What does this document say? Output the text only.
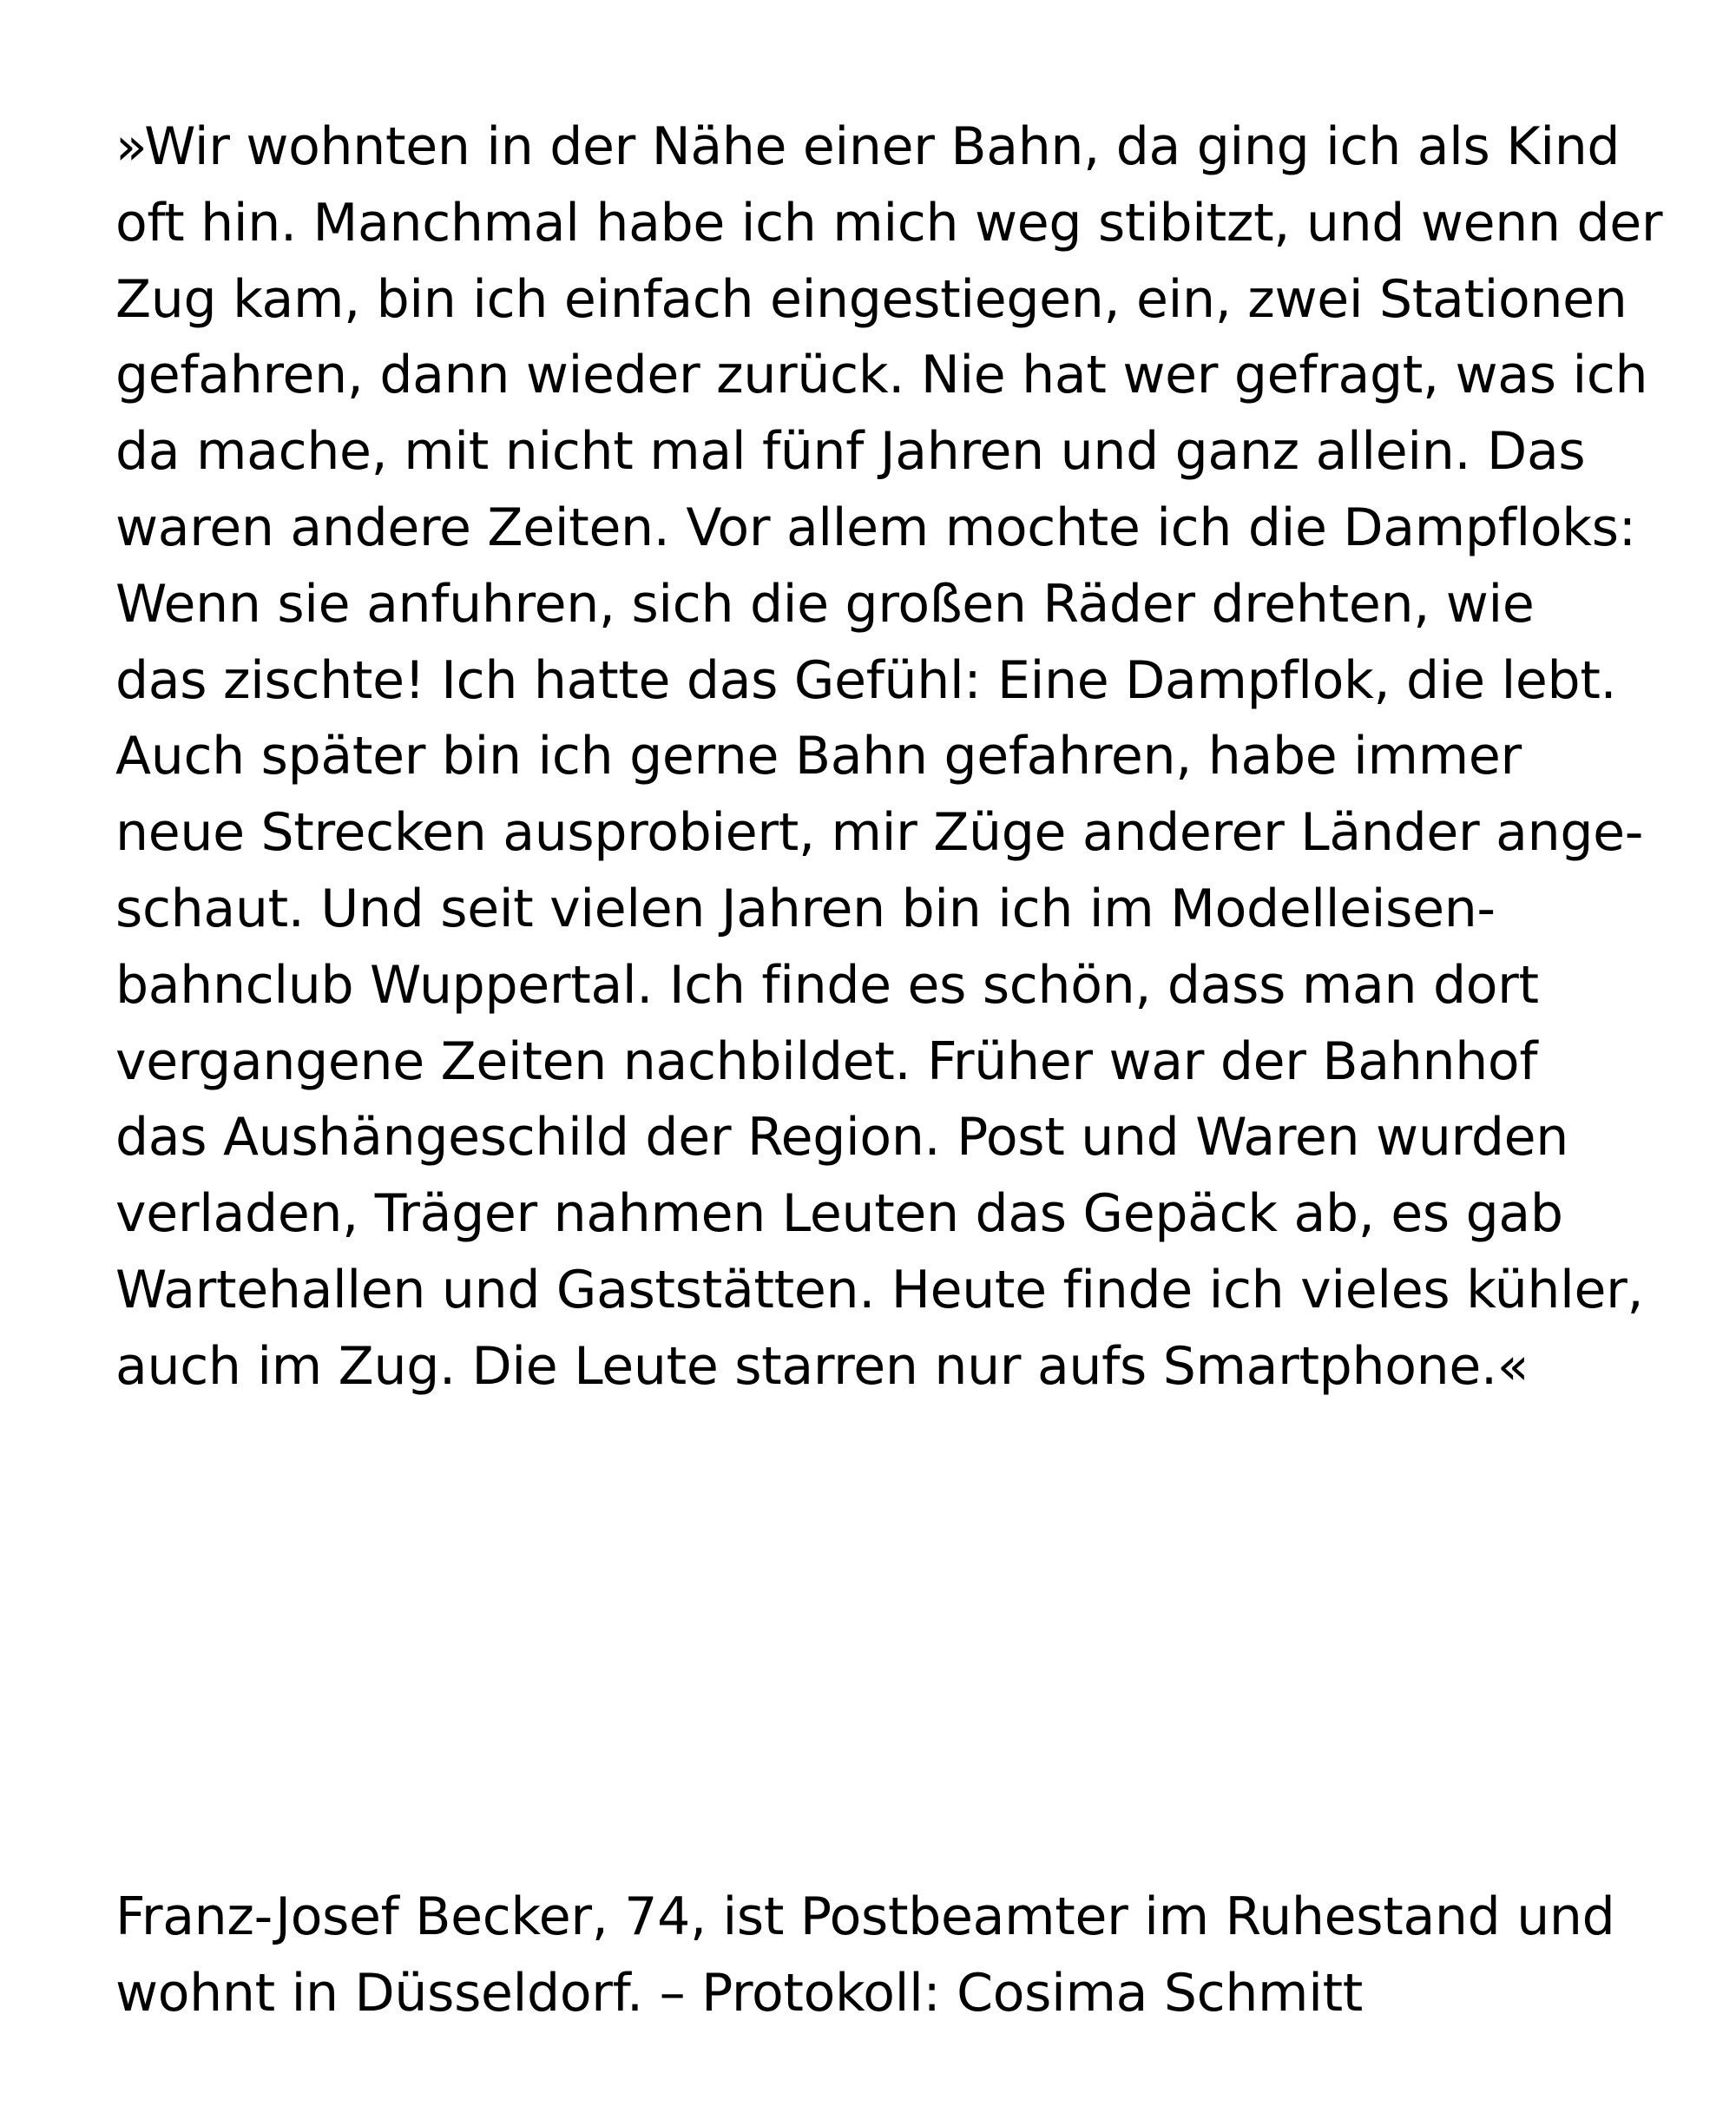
»Wir wohnten in der Nähe einer Bahn, da ging ich als Kind
oft hin. Manchmal habe ich mich weg stibitzt, und wenn der
Zug kam, bin ich einfach eingestiegen, ein, zwei Stationen
gefahren, dann wieder zurück. Nie hat wer gefragt, was ich
da mache, mit nicht mal fünf Jahren und ganz allein. Das
waren andere Zeiten. Vor allem mochte ich die Dampfloks:
Wenn sie anfuhren, sich die großen Räder drehten, wie
das zischte! Ich hatte das Gefühl: Eine Dampflok, die lebt.
Auch später bin ich gerne Bahn gefahren, habe immer
neue Strecken ausprobiert, mir Züge anderer Länder ange-
schaut. Und seit vielen Jahren bin ich im Modelleisen-
bahnclub Wuppertal. Ich finde es schön, dass man dort
vergangene Zeiten nachbildet. Früher war der Bahnhof
das Aushängeschild der Region. Post und Waren wurden
verladen, Träger nahmen Leuten das Gepäck ab, es gab
Wartehallen und Gaststätten. Heute finde ich vieles kühler,
auch im Zug. Die Leute starren nur aufs Smartphone.«
Franz-Josef Becker, 74, ist Postbeamter im Ruhestand und
wohnt in Düsseldorf. – Protokoll: Cosima Schmitt
